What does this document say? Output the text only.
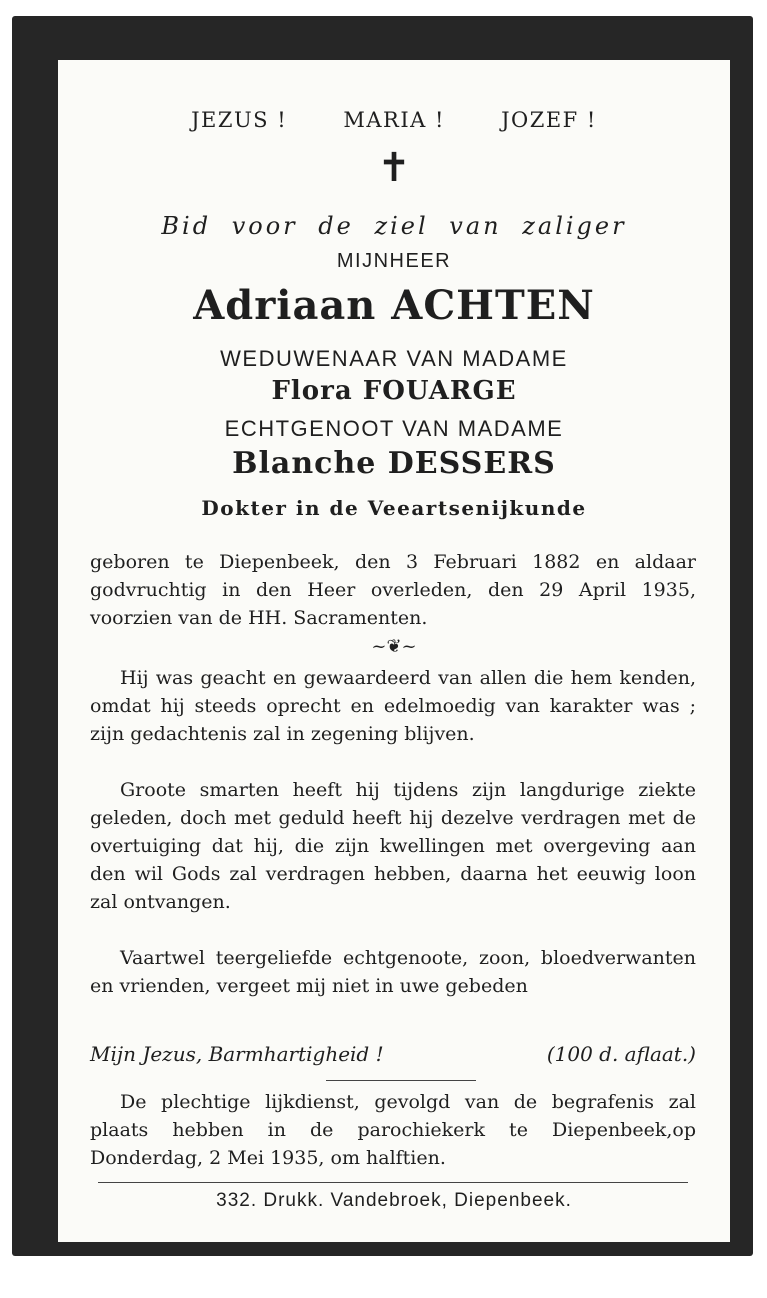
JEZUS !	MARIA !	JOZEF !
✝
Bid voor de ziel van zaliger
MIJNHEER
Adriaan ACHTEN
WEDUWENAAR VAN MADAME
Flora FOUARGE
ECHTGENOOT VAN MADAME
Blanche DESSERS
Dokter in de Veeartsenijkunde
geboren te Diepenbeek, den 3 Februari 1882 en aldaar godvruchtig in den Heer overleden, den 29 April 1935, voorzien van de HH. Sacramenten.
~❦~
Hij was geacht en gewaardeerd van allen die hem kenden, omdat hij steeds oprecht en edelmoedig van karakter was ; zijn gedachtenis zal in zegening blijven.
Groote smarten heeft hij tijdens zijn langdurige ziekte geleden, doch met geduld heeft hij dezelve verdragen met de overtuiging dat hij, die zijn kwellingen met overgeving aan den wil Gods zal verdragen hebben, daarna het eeuwig loon zal ontvangen.
Vaartwel teergeliefde echtgenoote, zoon, bloedverwanten en vrienden, vergeet mij niet in uwe gebeden
Mijn Jezus, Barmhartigheid !	(100 d. aflaat.)
De plechtige lijkdienst, gevolgd van de begrafenis zal plaats hebben in de parochiekerk te Diepenbeek,op Donderdag, 2 Mei 1935, om halftien.
332. Drukk. Vandebroek, Diepenbeek.
